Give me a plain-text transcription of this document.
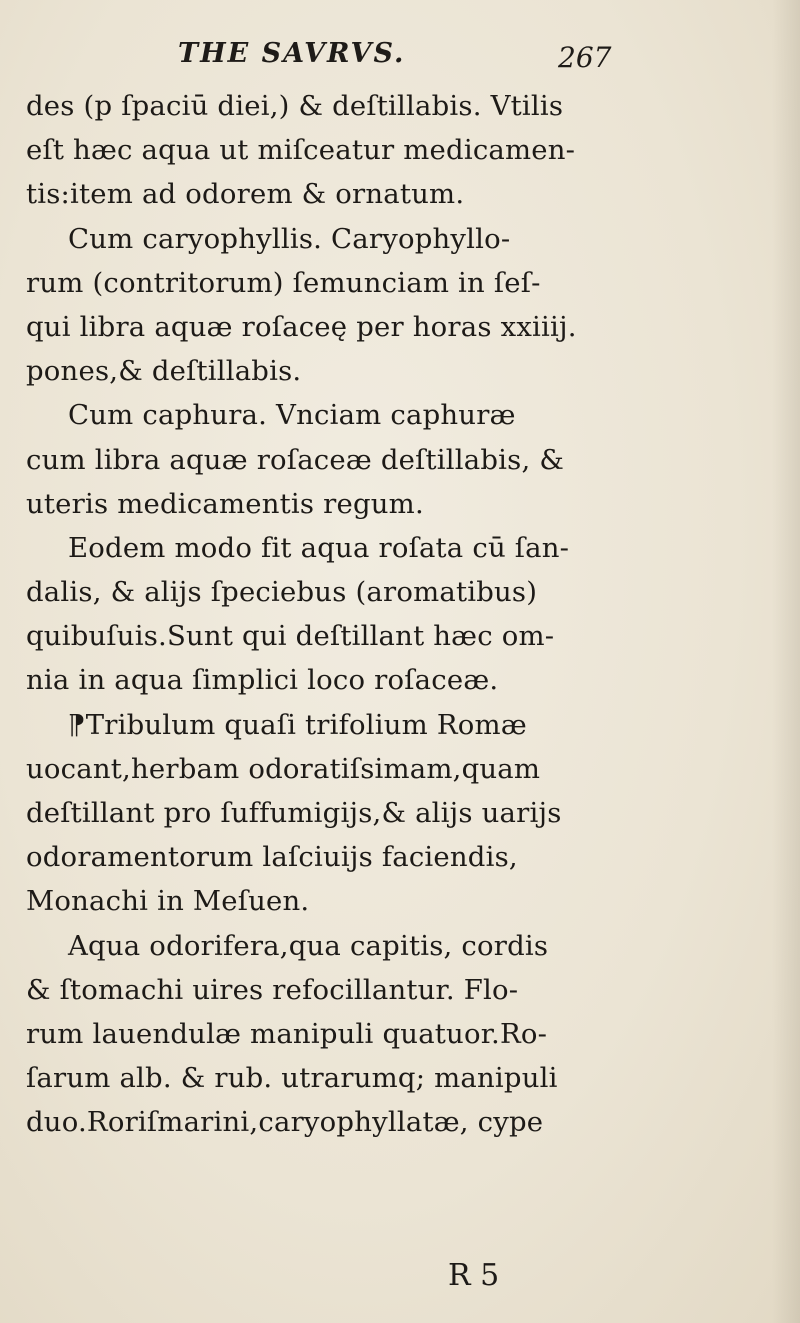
THE SAVRVS.	267
des (p ſpaciū diei,) & deſtillabis. Vtilis
eſt hæc aqua ut miſceatur medicamen-
tis:item ad odorem & ornatum.
Cum caryophyllis. Caryophyllo-
rum (contritorum) ſemunciam in ſeſ-
qui libra aquæ roſaceę per horas xxiiij.
pones,& deſtillabis.
Cum caphura. Vnciam caphuræ
cum libra aquæ roſaceæ deſtillabis, &
uteris medicamentis regum.
Eodem modo fit aqua roſata cū ſan-
dalis, & alijs ſpeciebus (aromatibus)
quibuſuis.Sunt qui deſtillant hæc om-
nia in aqua ſimplici loco roſaceæ.
⁋Tribulum quaſi trifolium Romæ
uocant,herbam odoratiſsimam,quam
deſtillant pro ſuffumigijs,& alijs uarijs
odoramentorum laſciuijs faciendis,
Monachi in Meſuen.
Aqua odorifera,qua capitis, cordis
& ſtomachi uires refocillantur. Flo-
rum lauendulæ manipuli quatuor.Ro-
ſarum alb. & rub. utrarumq; manipuli
duo.Roriſmarini,caryophyllatæ, cype
R 5
